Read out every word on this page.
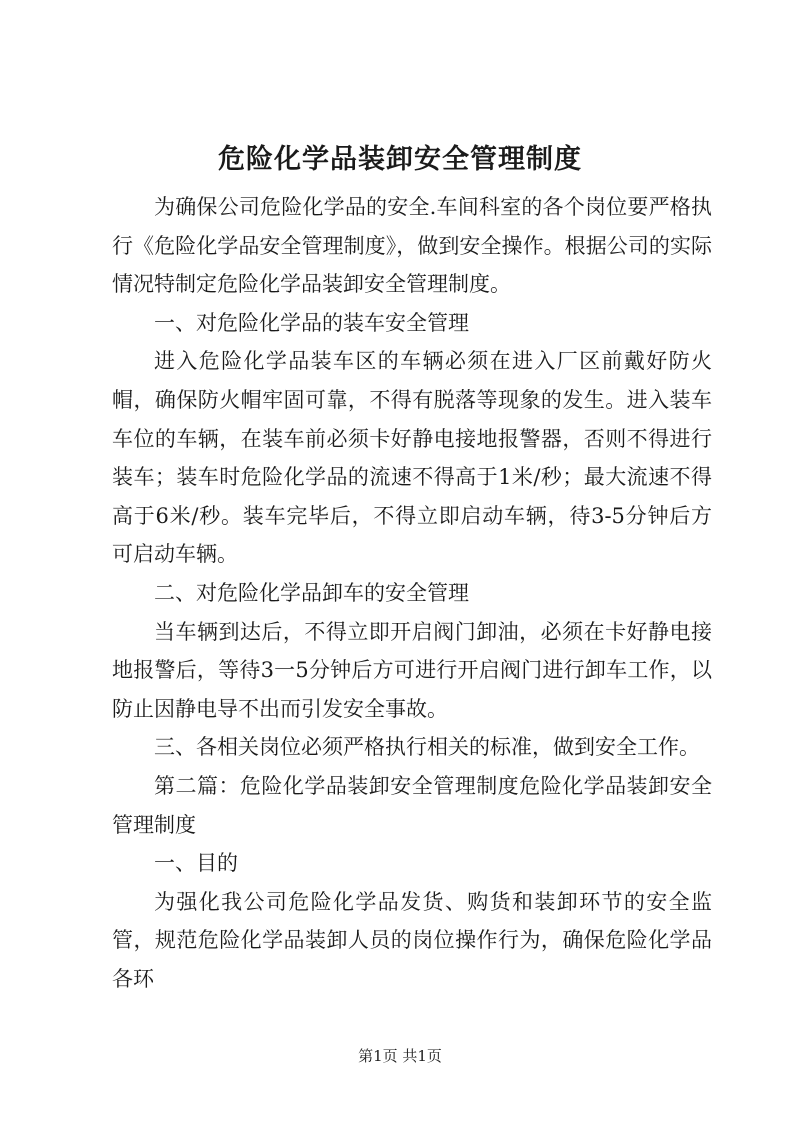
危险化学品装卸安全管理制度

为确保公司危险化学品的安全.车间科室的各个岗位要严格执行《危险化学品安全管理制度》，做到安全操作。根据公司的实际情况特制定危险化学品装卸安全管理制度。

一、对危险化学品的装车安全管理

进入危险化学品装车区的车辆必须在进入厂区前戴好防火帽，确保防火帽牢固可靠，不得有脱落等现象的发生。进入装车车位的车辆，在装车前必须卡好静电接地报警器，否则不得进行装车；装车时危险化学品的流速不得高于1米/秒；最大流速不得高于6米/秒。装车完毕后，不得立即启动车辆，待3-5分钟后方可启动车辆。

二、对危险化学品卸车的安全管理

当车辆到达后，不得立即开启阀门卸油，必须在卡好静电接地报警后，等待3一5分钟后方可进行开启阀门进行卸车工作，以防止因静电导不出而引发安全事故。

三、各相关岗位必须严格执行相关的标准，做到安全工作。

第二篇：危险化学品装卸安全管理制度危险化学品装卸安全管理制度

一、目的

为强化我公司危险化学品发货、购货和装卸环节的安全监管，规范危险化学品装卸人员的岗位操作行为，确保危险化学品各环

第1页 共1页
